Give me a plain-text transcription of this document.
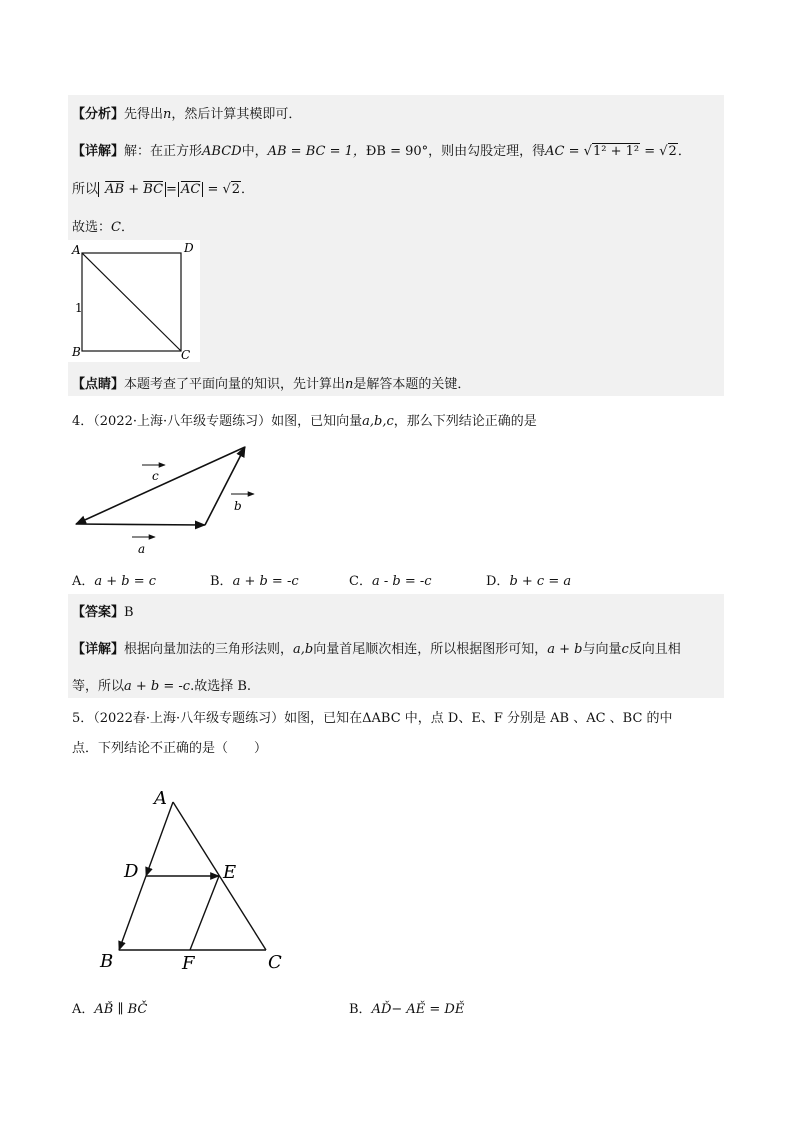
【分析】先得出n，然后计算其模即可．
【详解】解：在正方形ABCD中，AB = BC = 1，ÐB = 90°，则由勾股定理，得AC = √1² + 1² = √2．
所以 $\overline{AB} + \overline{BC} = \overline{AC} = √2$．
故选：C．
A	D
B	C
1
【点睛】本题考查了平面向量的知识，先计算出n是解答本题的关键．
4．（2022·上海·八年级专题练习）如图，已知向量a,b,c，那么下列结论正确的是
c
b
a
A．a + b = c	B．a + b = -c	C．a - b = -c	D．b + c = a
【答案】B
【详解】根据向量加法的三角形法则，a,b向量首尾顺次相连，所以根据图形可知，a + b与向量c反向且相
等，所以a + b = -c.故选择 B.
5．（2022春·上海·八年级专题练习）如图，已知在ΔABC 中，点 D、E、F 分别是 AB 、AC 、BC 的中
点．下列结论不正确的是（　　）
A
D	E
B	F	C
A．AB̌ ∥ BČ	B．AĎ− AĚ = DĚ
